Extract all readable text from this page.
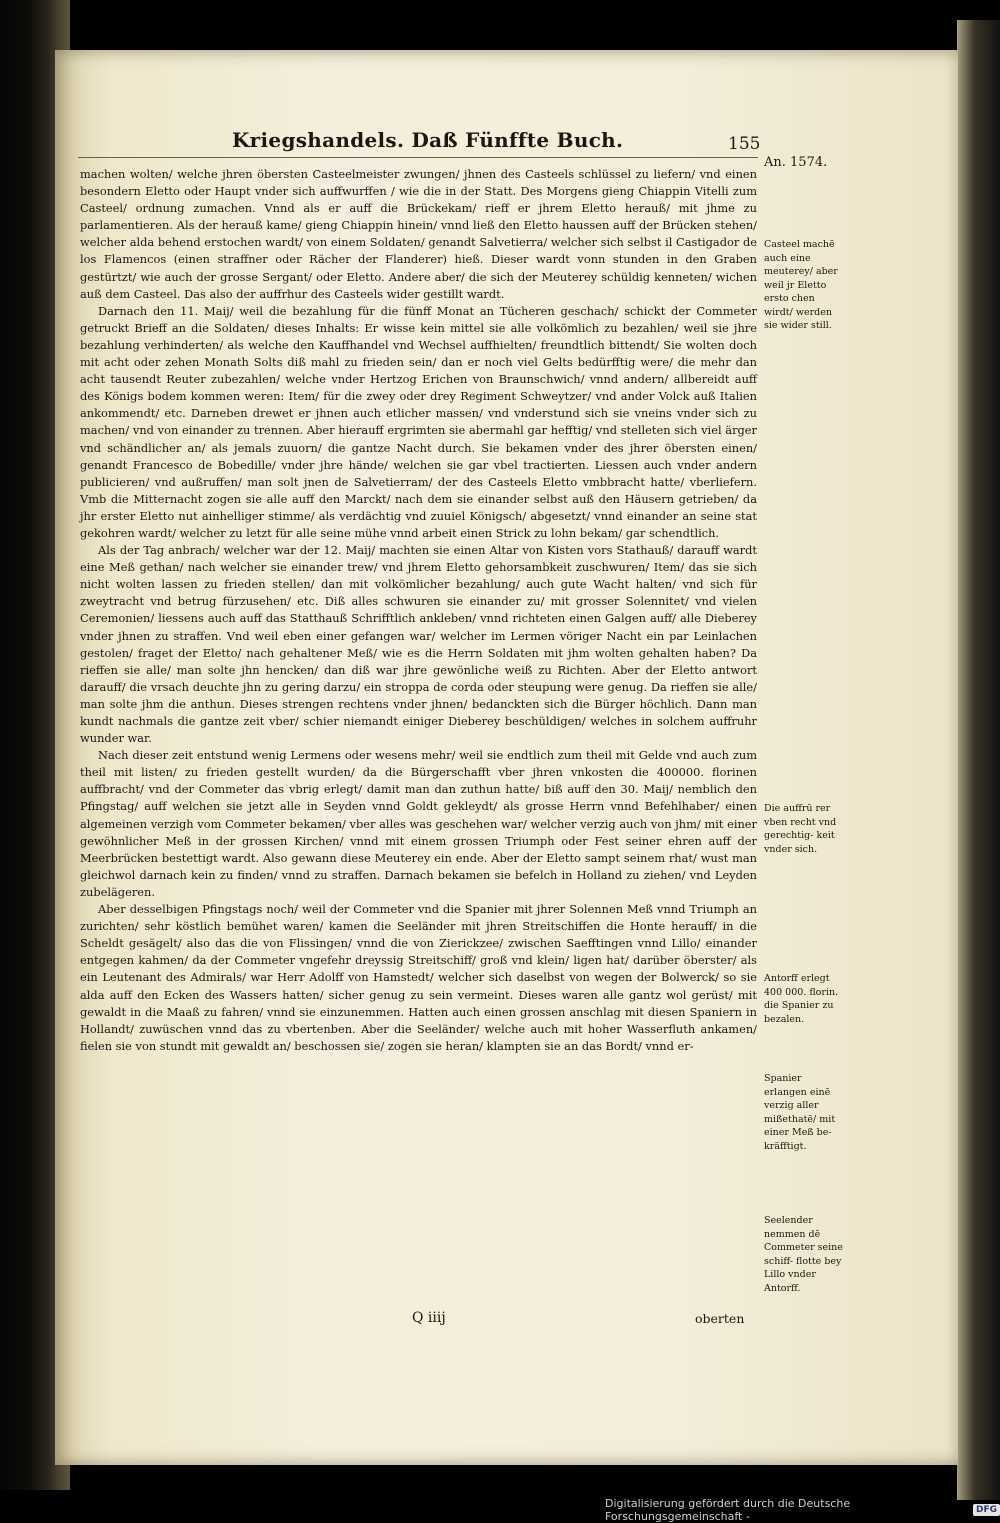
Kriegshandels. Daß Fünffte Buch.	155
An. 1574.

machen wolten/ welche jhren öbersten Casteelmeister zwungen/ jhnen des Casteels schlüssel zu liefern/ vnd einen besondern Eletto oder Haupt vnder sich auffwurffen / wie die in der Statt. Des Morgens gieng Chiappin Vitelli zum Casteel/ ordnung zumachen. Vnnd als er auff die Brückekam/ rieff er jhrem Eletto herauß/ mit jhme zu parlamentieren. Als der herauß kame/ gieng Chiappin hinein/ vnnd ließ den Eletto haussen auff der Brücken stehen/ welcher alda behend erstochen wardt/ von einem Soldaten/ genandt Salvetierra/ welcher sich selbst il Castigador de los Flamencos (einen straffner oder Rächer der Flanderer) hieß. Dieser wardt vonn stunden in den Graben gestürtzt/ wie auch der grosse Sergant/ oder Eletto. Andere aber/ die sich der Meuterey schüldig kenneten/ wichen auß dem Casteel. Das also der auffrhur des Casteels wider gestillt wardt.

Darnach den 11. Maij/ weil die bezahlung für die fünff Monat an Tücheren geschach/ schickt der Commeter getruckt Brieff an die Soldaten/ dieses Inhalts: Er wisse kein mittel sie alle volkömlich zu bezahlen/ weil sie jhre bezahlung verhinderten/ als welche den Kauffhandel vnd Wechsel auffhielten/ freundtlich bittendt/ Sie wolten doch mit acht oder zehen Monath Solts diß mahl zu frieden sein/ dan er noch viel Gelts bedürfftig were/ die mehr dan acht tausendt Reuter zubezahlen/ welche vnder Hertzog Erichen von Braunschwich/ vnnd andern/ allbereidt auff des Königs bodem kommen weren: Item/ für die zwey oder drey Regiment Schweytzer/ vnd ander Volck auß Italien ankommendt/ etc. Darneben drewet er jhnen auch etlicher massen/ vnd vnderstund sich sie vneins vnder sich zu machen/ vnd von einander zu trennen. Aber hierauff ergrimten sie abermahl gar hefftig/ vnd stelleten sich viel ärger vnd schändlicher an/ als jemals zuuorn/ die gantze Nacht durch. Sie bekamen vnder des jhrer öbersten einen/ genandt Francesco de Bobedille/ vnder jhre hände/ welchen sie gar vbel tractierten. Liessen auch vnder andern publicieren/ vnd außruffen/ man solt jnen de Salvetierram/ der des Casteels Eletto vmbbracht hatte/ vberliefern. Vmb die Mitternacht zogen sie alle auff den Marckt/ nach dem sie einander selbst auß den Häusern getrieben/ da jhr erster Eletto nut ainhelliger stimme/ als verdächtig vnd zuuiel Königsch/ abgesetzt/ vnnd einander an seine stat gekohren wardt/ welcher zu letzt für alle seine mühe vnnd arbeit einen Strick zu lohn bekam/ gar schendtlich.

Als der Tag anbrach/ welcher war der 12. Maij/ machten sie einen Altar von Kisten vors Stathauß/ darauff wardt eine Meß gethan/ nach welcher sie einander trew/ vnd jhrem Eletto gehorsambkeit zuschwuren/ Item/ das sie sich nicht wolten lassen zu frieden stellen/ dan mit volkömlicher bezahlung/ auch gute Wacht halten/ vnd sich für zweytracht vnd betrug fürzusehen/ etc. Diß alles schwuren sie einander zu/ mit grosser Solennitet/ vnd vielen Ceremonien/ liessens auch auff das Statthauß Schrifftlich ankleben/ vnnd richteten einen Galgen auff/ alle Dieberey vnder jhnen zu straffen. Vnd weil eben einer gefangen war/ welcher im Lermen vöriger Nacht ein par Leinlachen gestolen/ fraget der Eletto/ nach gehaltener Meß/ wie es die Herrn Soldaten mit jhm wolten gehalten haben? Da rieffen sie alle/ man solte jhn hencken/ dan diß war jhre gewönliche weiß zu Richten. Aber der Eletto antwort darauff/ die vrsach deuchte jhn zu gering darzu/ ein stroppa de corda oder steupung were genug. Da rieffen sie alle/ man solte jhm die anthun. Dieses strengen rechtens vnder jhnen/ bedanckten sich die Bürger höchlich. Dann man kundt nachmals die gantze zeit vber/ schier niemandt einiger Dieberey beschüldigen/ welches in solchem auffruhr wunder war.

Nach dieser zeit entstund wenig Lermens oder wesens mehr/ weil sie endtlich zum theil mit Gelde vnd auch zum theil mit listen/ zu frieden gestellt wurden/ da die Bürgerschafft vber jhren vnkosten die 400000. florinen auffbracht/ vnd der Commeter das vbrig erlegt/ damit man dan zuthun hatte/ biß auff den 30. Maij/ nemblich den Pfingstag/ auff welchen sie jetzt alle in Seyden vnnd Goldt gekleydt/ als grosse Herrn vnnd Befehlhaber/ einen algemeinen verzigh vom Commeter bekamen/ vber alles was geschehen war/ welcher verzig auch von jhm/ mit einer gewöhnlicher Meß in der grossen Kirchen/ vnnd mit einem grossen Triumph oder Fest seiner ehren auff der Meerbrücken bestettigt wardt. Also gewann diese Meuterey ein ende. Aber der Eletto sampt seinem rhat/ wust man gleichwol darnach kein zu finden/ vnnd zu straffen. Darnach bekamen sie befelch in Holland zu ziehen/ vnd Leyden zubelägeren.

Aber desselbigen Pfingstags noch/ weil der Commeter vnd die Spanier mit jhrer Solennen Meß vnnd Triumph an zurichten/ sehr köstlich bemühet waren/ kamen die Seeländer mit jhren Streitschiffen die Honte herauff/ in die Scheldt gesägelt/ also das die von Flissingen/ vnnd die von Zierickzee/ zwischen Saefftingen vnnd Lillo/ einander entgegen kahmen/ da der Commeter vngefehr dreyssig Streitschiff/ groß vnd klein/ ligen hat/ darüber öberster/ als ein Leutenant des Admirals/ war Herr Adolff von Hamstedt/ welcher sich daselbst von wegen der Bolwerck/ so sie alda auff den Ecken des Wassers hatten/ sicher genug zu sein vermeint. Dieses waren alle gantz wol gerüst/ mit gewaldt in die Maaß zu fahren/ vnnd sie einzunemmen. Hatten auch einen grossen anschlag mit diesen Spaniern in Hollandt/ zuwüschen vnnd das zu vbertenben. Aber die Seeländer/ welche auch mit hoher Wasserfluth ankamen/ fielen sie von stundt mit gewaldt an/ beschossen sie/ zogen sie heran/ klampten sie an das Bordt/ vnnd er-

Casteel machē auch eine meuterey/ aber weil jr Eletto ersto chen wirdt/ werden sie wider still.
Die auffrū rer vben recht vnd gerechtig- keit vnder sich.
Antorff erlegt 400 000. florin. die Spanier zu bezalen.
Spanier erlangen einē verzig aller mißethatē/ mit einer Meß be- kräfftigt.
Seelender nemmen dē Commeter seine schiff- flotte bey Lillo vnder Antorff.
Q iiij	oberten
Digitalisierung gefördert durch die Deutsche Forschungsgemeinschaft -	DFG
